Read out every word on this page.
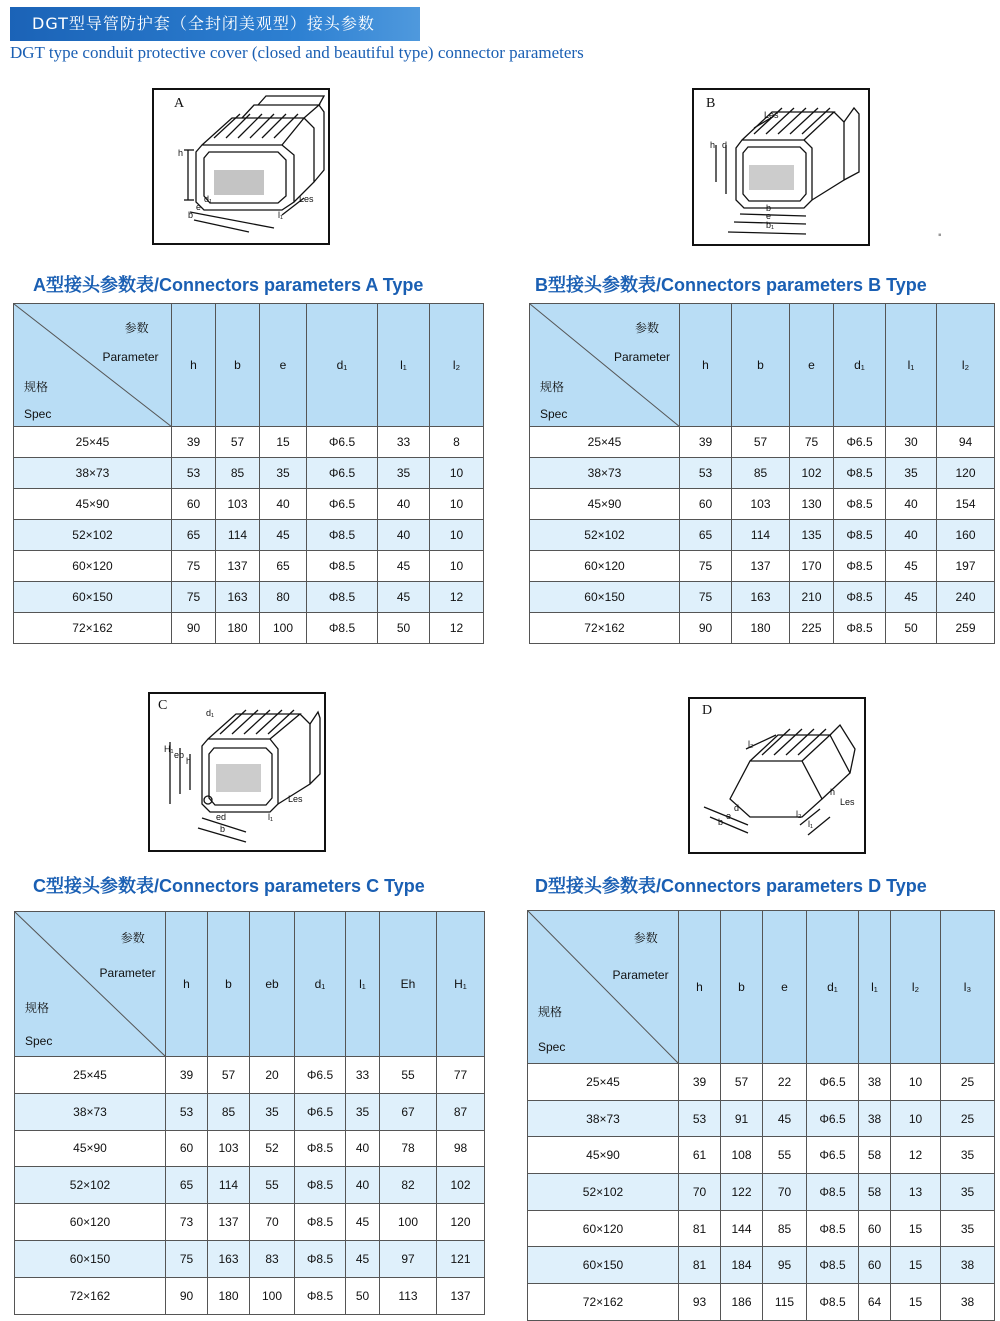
DGT型导管防护套（全封闭美观型）接头参数
DGT type conduit protective cover (closed and beautiful type) connector parameters
A
h
d₁
e
b
Les
l₁
B
Les
h d
b
e
b₁
▪
A型接头参数表/Connectors parameters A Type	B型接头参数表/Connectors parameters B Type
参数
Parameter
规格
Spec	h	b	e	d₁	l₁	l₂
25×45	39	57	15	Φ6.5	33	8
38×73	53	85	35	Φ6.5	35	10
45×90	60	103	40	Φ6.5	40	10
52×102	65	114	45	Φ8.5	40	10
60×120	75	137	65	Φ8.5	45	10
60×150	75	163	80	Φ8.5	45	12
72×162	90	180	100	Φ8.5	50	12
参数
Parameter
规格
Spec	h	b	e	d₁	l₁	l₂
25×45	39	57	75	Φ6.5	30	94
38×73	53	85	102	Φ8.5	35	120
45×90	60	103	130	Φ8.5	40	154
52×102	65	114	135	Φ8.5	40	160
60×120	75	137	170	Φ8.5	45	197
60×150	75	163	210	Φ8.5	45	240
72×162	90	180	225	Φ8.5	50	259
C	d₁
H₁
eb
h
Les
l₁
ed
b
D
l₂
h
Les
b
e
d
l₁
l₂
C型接头参数表/Connectors parameters C Type	D型接头参数表/Connectors parameters D Type
参数
Parameter
规格
Spec	h	b	eb	d₁	l₁	Eh	H₁
25×45	39	57	20	Φ6.5	33	55	77
38×73	53	85	35	Φ6.5	35	67	87
45×90	60	103	52	Φ8.5	40	78	98
52×102	65	114	55	Φ8.5	40	82	102
60×120	73	137	70	Φ8.5	45	100	120
60×150	75	163	83	Φ8.5	45	97	121
72×162	90	180	100	Φ8.5	50	113	137
参数
Parameter
规格
Spec	h	b	e	d₁	l₁	l₂	l₃
25×45	39	57	22	Φ6.5	38	10	25
38×73	53	91	45	Φ6.5	38	10	25
45×90	61	108	55	Φ6.5	58	12	35
52×102	70	122	70	Φ8.5	58	13	35
60×120	81	144	85	Φ8.5	60	15	35
60×150	81	184	95	Φ8.5	60	15	38
72×162	93	186	115	Φ8.5	64	15	38
